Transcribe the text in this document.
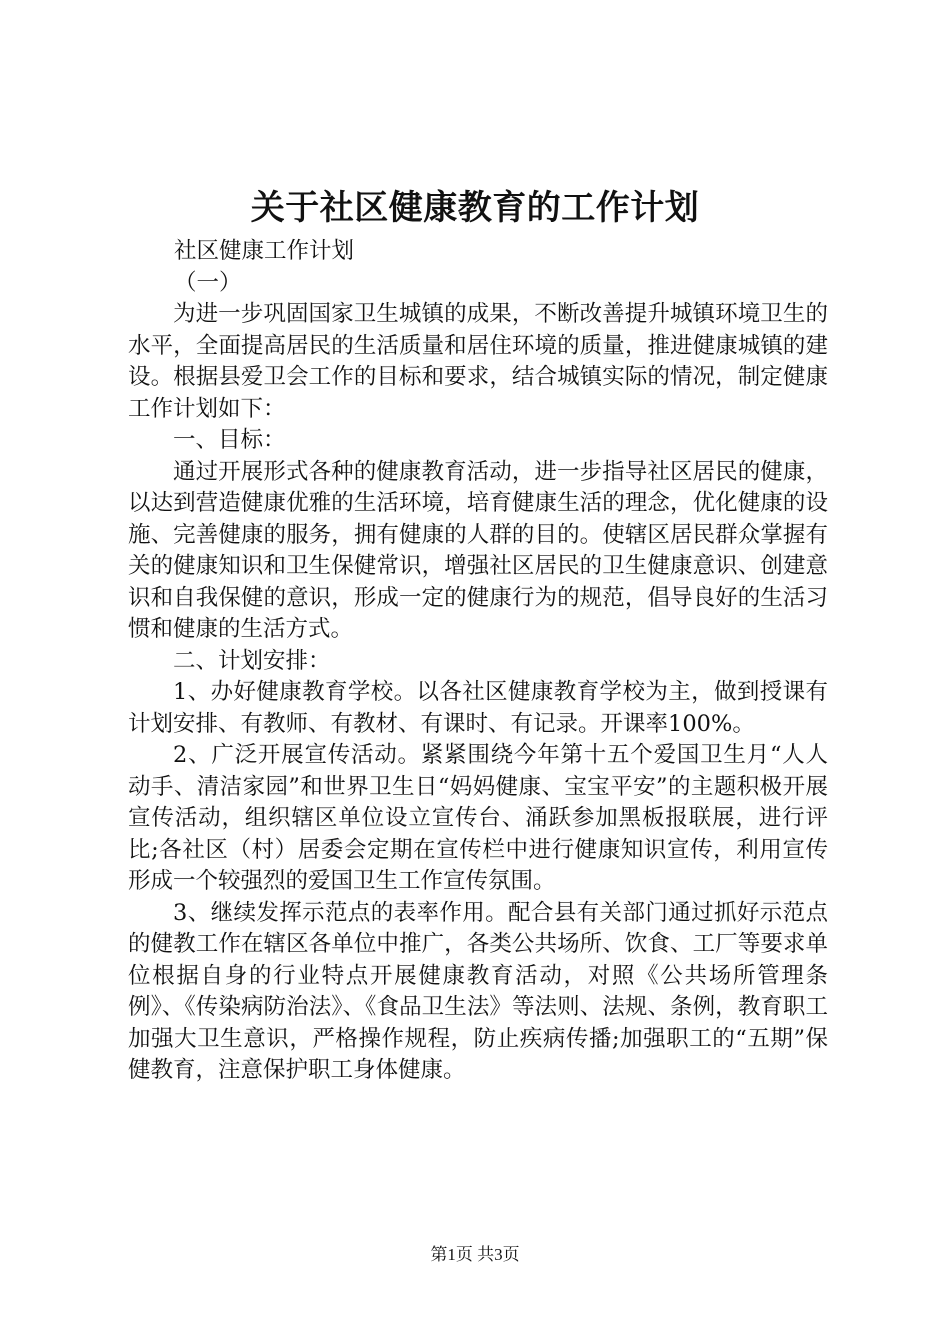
关于社区健康教育的工作计划

社区健康工作计划

（一）

为进一步巩固国家卫生城镇的成果，不断改善提升城镇环境卫生的水平，全面提高居民的生活质量和居住环境的质量，推进健康城镇的建设。根据县爱卫会工作的目标和要求，结合城镇实际的情况，制定健康工作计划如下：

一、目标：

通过开展形式各种的健康教育活动，进一步指导社区居民的健康，以达到营造健康优雅的生活环境，培育健康生活的理念，优化健康的设施、完善健康的服务，拥有健康的人群的目的。使辖区居民群众掌握有关的健康知识和卫生保健常识，增强社区居民的卫生健康意识、创建意识和自我保健的意识，形成一定的健康行为的规范，倡导良好的生活习惯和健康的生活方式。

二、计划安排：

1、办好健康教育学校。以各社区健康教育学校为主，做到授课有计划安排、有教师、有教材、有课时、有记录。开课率100%。

2、广泛开展宣传活动。紧紧围绕今年第十五个爱国卫生月“人人动手、清洁家园”和世界卫生日“妈妈健康、宝宝平安”的主题积极开展宣传活动，组织辖区单位设立宣传台、涌跃参加黑板报联展，进行评比;各社区（村）居委会定期在宣传栏中进行健康知识宣传，利用宣传形成一个较强烈的爱国卫生工作宣传氛围。

3、继续发挥示范点的表率作用。配合县有关部门通过抓好示范点的健教工作在辖区各单位中推广，各类公共场所、饮食、工厂等要求单位根据自身的行业特点开展健康教育活动，对照《公共场所管理条例》、《传染病防治法》、《食品卫生法》等法则、法规、条例，教育职工加强大卫生意识，严格操作规程，防止疾病传播;加强职工的“五期”保健教育，注意保护职工身体健康。

第1页 共3页
